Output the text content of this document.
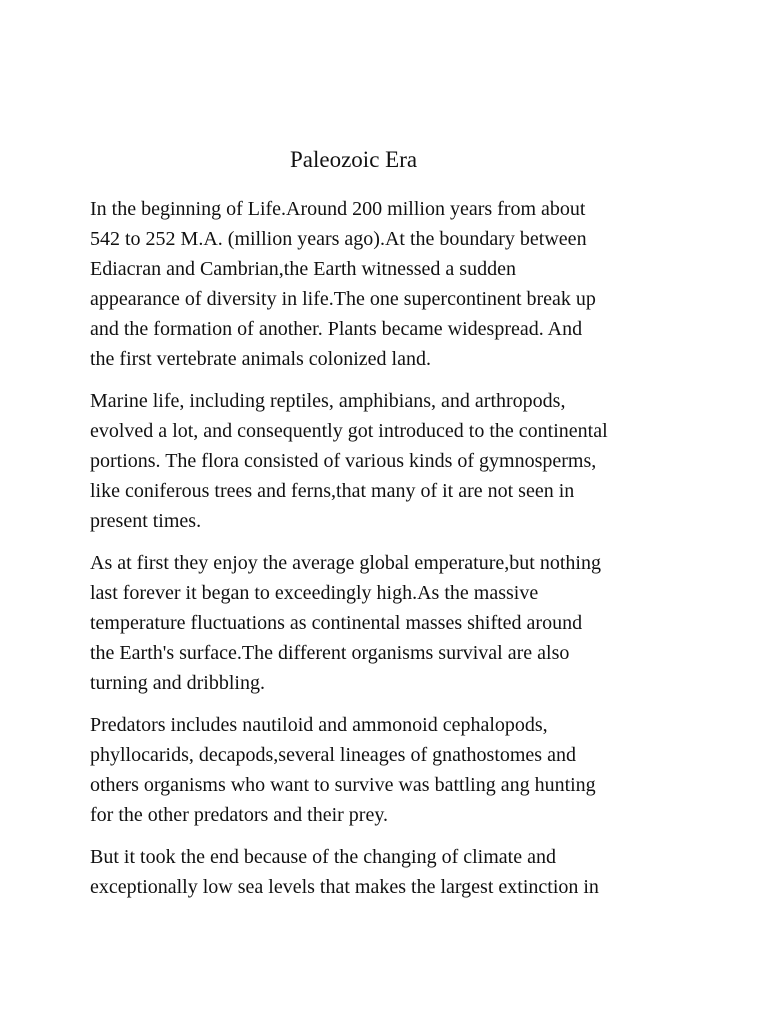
Paleozoic Era

In the beginning of Life.Around 200 million years from about
542 to 252 M.A. (million years ago).At the boundary between
Ediacran and Cambrian,the Earth witnessed a sudden
appearance of diversity in life.The one supercontinent break up
and the formation of another. Plants became widespread. And
the first vertebrate animals colonized land.

Marine life, including reptiles, amphibians, and arthropods,
evolved a lot, and consequently got introduced to the continental
portions. The flora consisted of various kinds of gymnosperms,
like coniferous trees and ferns,that many of it are not seen in
present times.

As at first they enjoy the average global emperature,but nothing
last forever it began to exceedingly high.As the massive
temperature fluctuations as continental masses shifted around
the Earth's surface.The different organisms survival are also
turning and dribbling.

Predators includes nautiloid and ammonoid cephalopods,
phyllocarids, decapods,several lineages of gnathostomes and
others organisms who want to survive was battling ang hunting
for the other predators and their prey.

But it took the end because of the changing of climate and
exceptionally low sea levels that makes the largest extinction in
